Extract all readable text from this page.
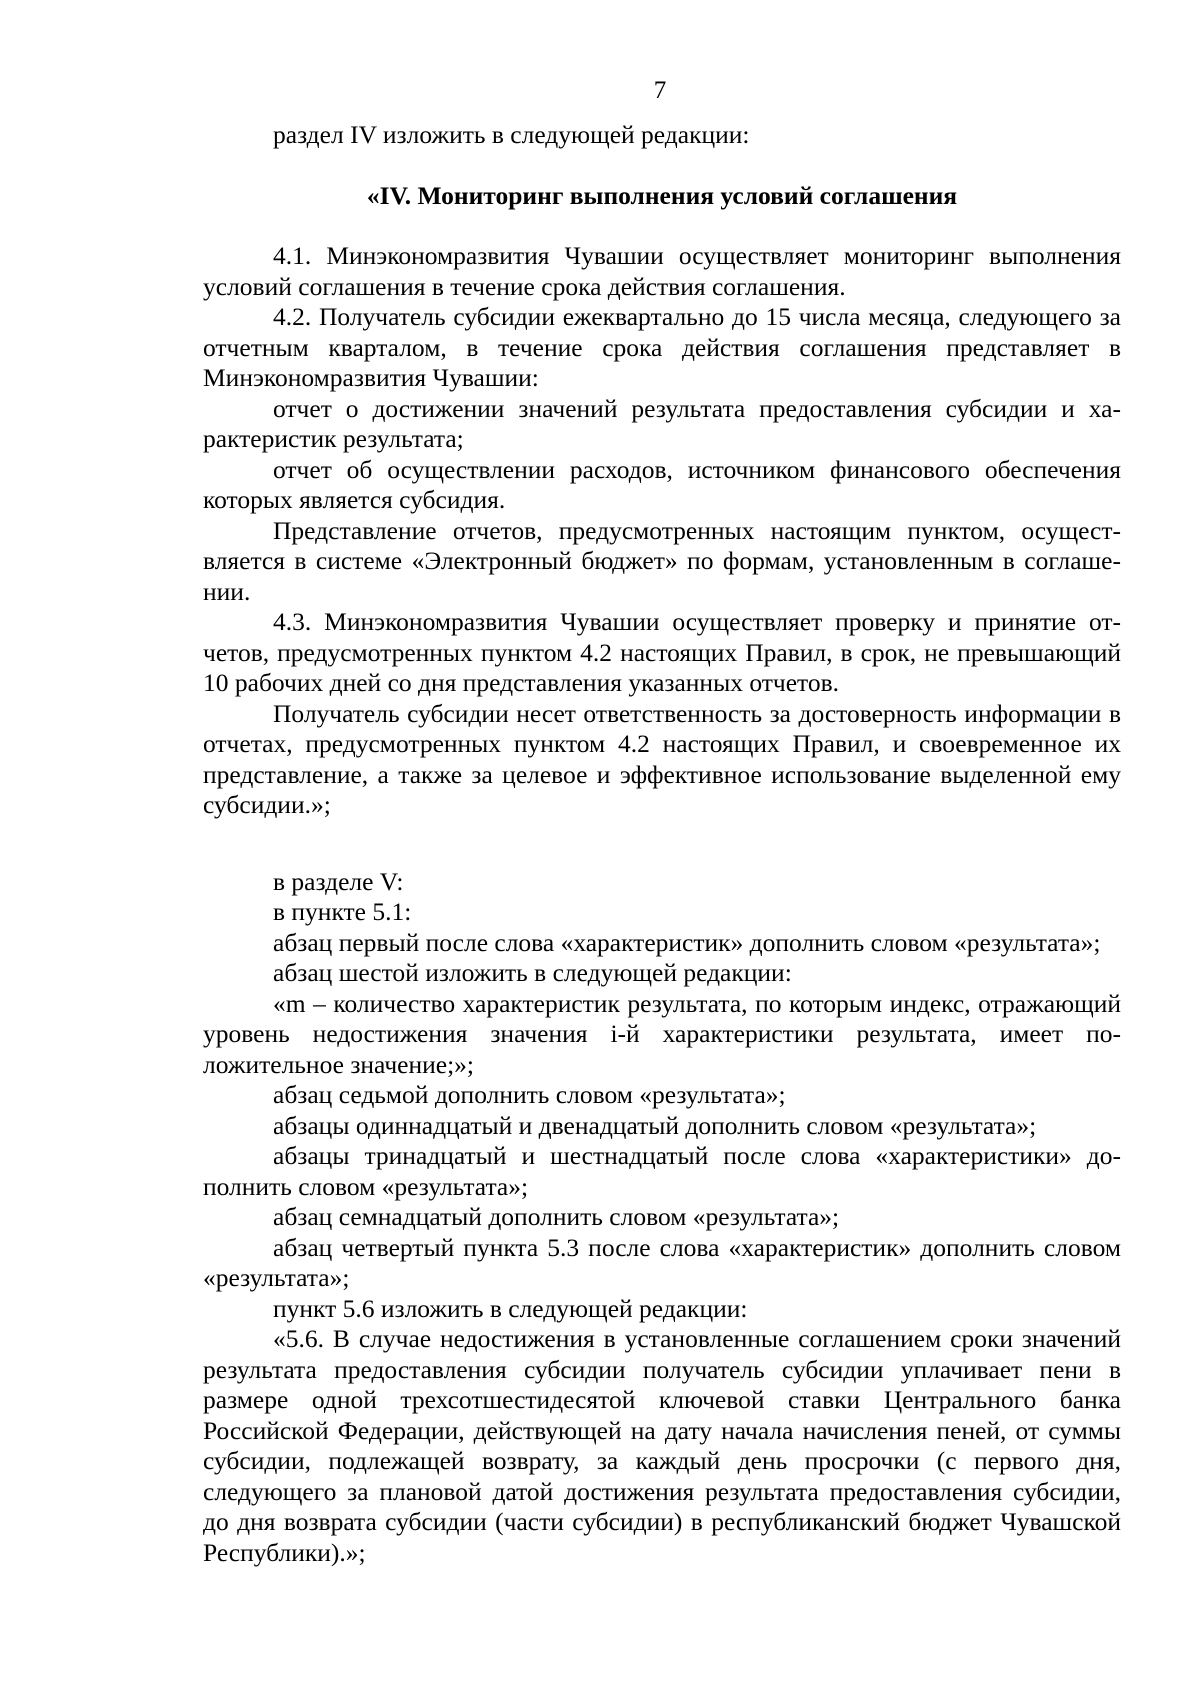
7

раздел IV изложить в следующей редакции:

«IV. Мониторинг выполнения условий соглашения

4.1. Минэкономразвития Чувашии осуществляет мониторинг выполнения условий соглашения в течение срока действия соглашения.

4.2. Получатель субсидии ежеквартально до 15 числа месяца, следующего за отчетным кварталом, в течение срока действия соглашения представляет в Минэкономразвития Чувашии:

отчет о достижении значений результата предоставления субсидии и характеристик результата;

отчет об осуществлении расходов, источником финансового обеспечения которых является субсидия.

Представление отчетов, предусмотренных настоящим пунктом, осуществляется в системе «Электронный бюджет» по формам, установленным в соглашении.

4.3. Минэкономразвития Чувашии осуществляет проверку и принятие отчетов, предусмотренных пунктом 4.2 настоящих Правил, в срок, не превышающий 10 рабочих дней со дня представления указанных отчетов.

Получатель субсидии несет ответственность за достоверность информации в отчетах, предусмотренных пунктом 4.2 настоящих Правил, и своевременное их представление, а также за целевое и эффективное использование выделенной ему субсидии.»;

в разделе V:

в пункте 5.1:

абзац первый после слова «характеристик» дополнить словом «результата»;

абзац шестой изложить в следующей редакции:

«m – количество характеристик результата, по которым индекс, отражающий уровень недостижения значения i-й характеристики результата, имеет положительное значение;»;

абзац седьмой дополнить словом «результата»;

абзацы одиннадцатый и двенадцатый дополнить словом «результата»;

абзацы тринадцатый и шестнадцатый после слова «характеристики» дополнить словом «результата»;

абзац семнадцатый дополнить словом «результата»;

абзац четвертый пункта 5.3 после слова «характеристик» дополнить словом «результата»;

пункт 5.6 изложить в следующей редакции:

«5.6. В случае недостижения в установленные соглашением сроки значений результата предоставления субсидии получатель субсидии уплачивает пени в размере одной трехсотшестидесятой ключевой ставки Центрального банка Российской Федерации, действующей на дату начала начисления пеней, от суммы субсидии, подлежащей возврату, за каждый день просрочки (с первого дня, следующего за плановой датой достижения результата предоставления субсидии, до дня возврата субсидии (части субсидии) в республиканский бюджет Чувашской Республики).»;
